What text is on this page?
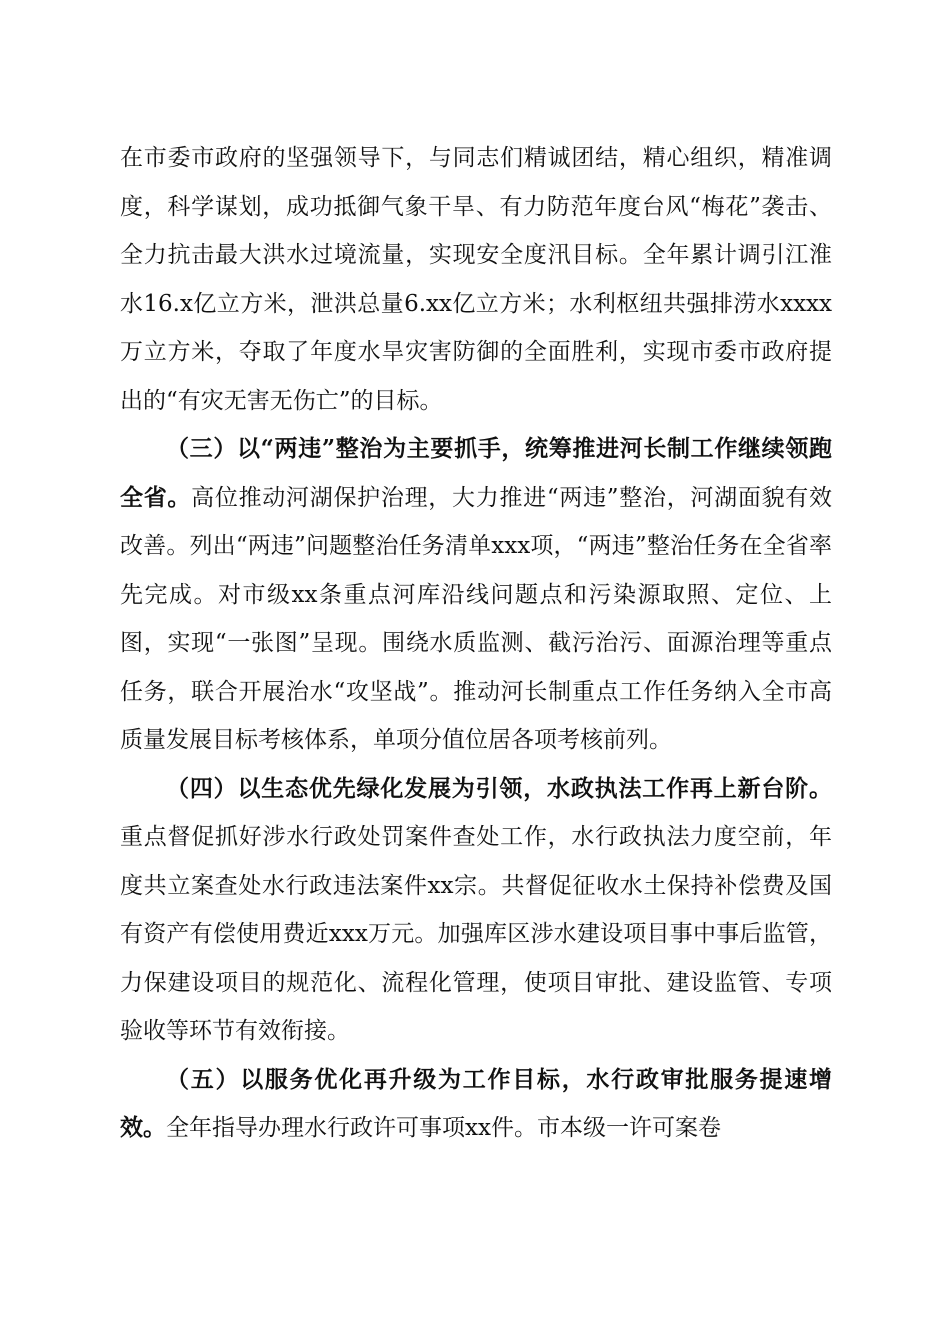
在市委市政府的坚强领导下，与同志们精诚团结，精心组织，精准调度，科学谋划，成功抵御气象干旱、有力防范年度台风“梅花”袭击、全力抗击最大洪水过境流量，实现安全度汛目标。全年累计调引江淮水16.x亿立方米，泄洪总量6.xx亿立方米；水利枢纽共强排涝水xxxx万立方米，夺取了年度水旱灾害防御的全面胜利，实现市委市政府提出的“有灾无害无伤亡”的目标。

（三）以“两违”整治为主要抓手，统筹推进河长制工作继续领跑全省。高位推动河湖保护治理，大力推进“两违”整治，河湖面貌有效改善。列出“两违”问题整治任务清单xxx项，“两违”整治任务在全省率先完成。对市级xx条重点河库沿线问题点和污染源取照、定位、上图，实现“一张图”呈现。围绕水质监测、截污治污、面源治理等重点任务，联合开展治水“攻坚战”。推动河长制重点工作任务纳入全市高质量发展目标考核体系，单项分值位居各项考核前列。

（四）以生态优先绿化发展为引领，水政执法工作再上新台阶。重点督促抓好涉水行政处罚案件查处工作，水行政执法力度空前，年度共立案查处水行政违法案件xx宗。共督促征收水土保持补偿费及国有资产有偿使用费近xxx万元。加强库区涉水建设项目事中事后监管，力保建设项目的规范化、流程化管理，使项目审批、建设监管、专项验收等环节有效衔接。

（五）以服务优化再升级为工作目标，水行政审批服务提速增效。全年指导办理水行政许可事项xx件。市本级一许可案卷
